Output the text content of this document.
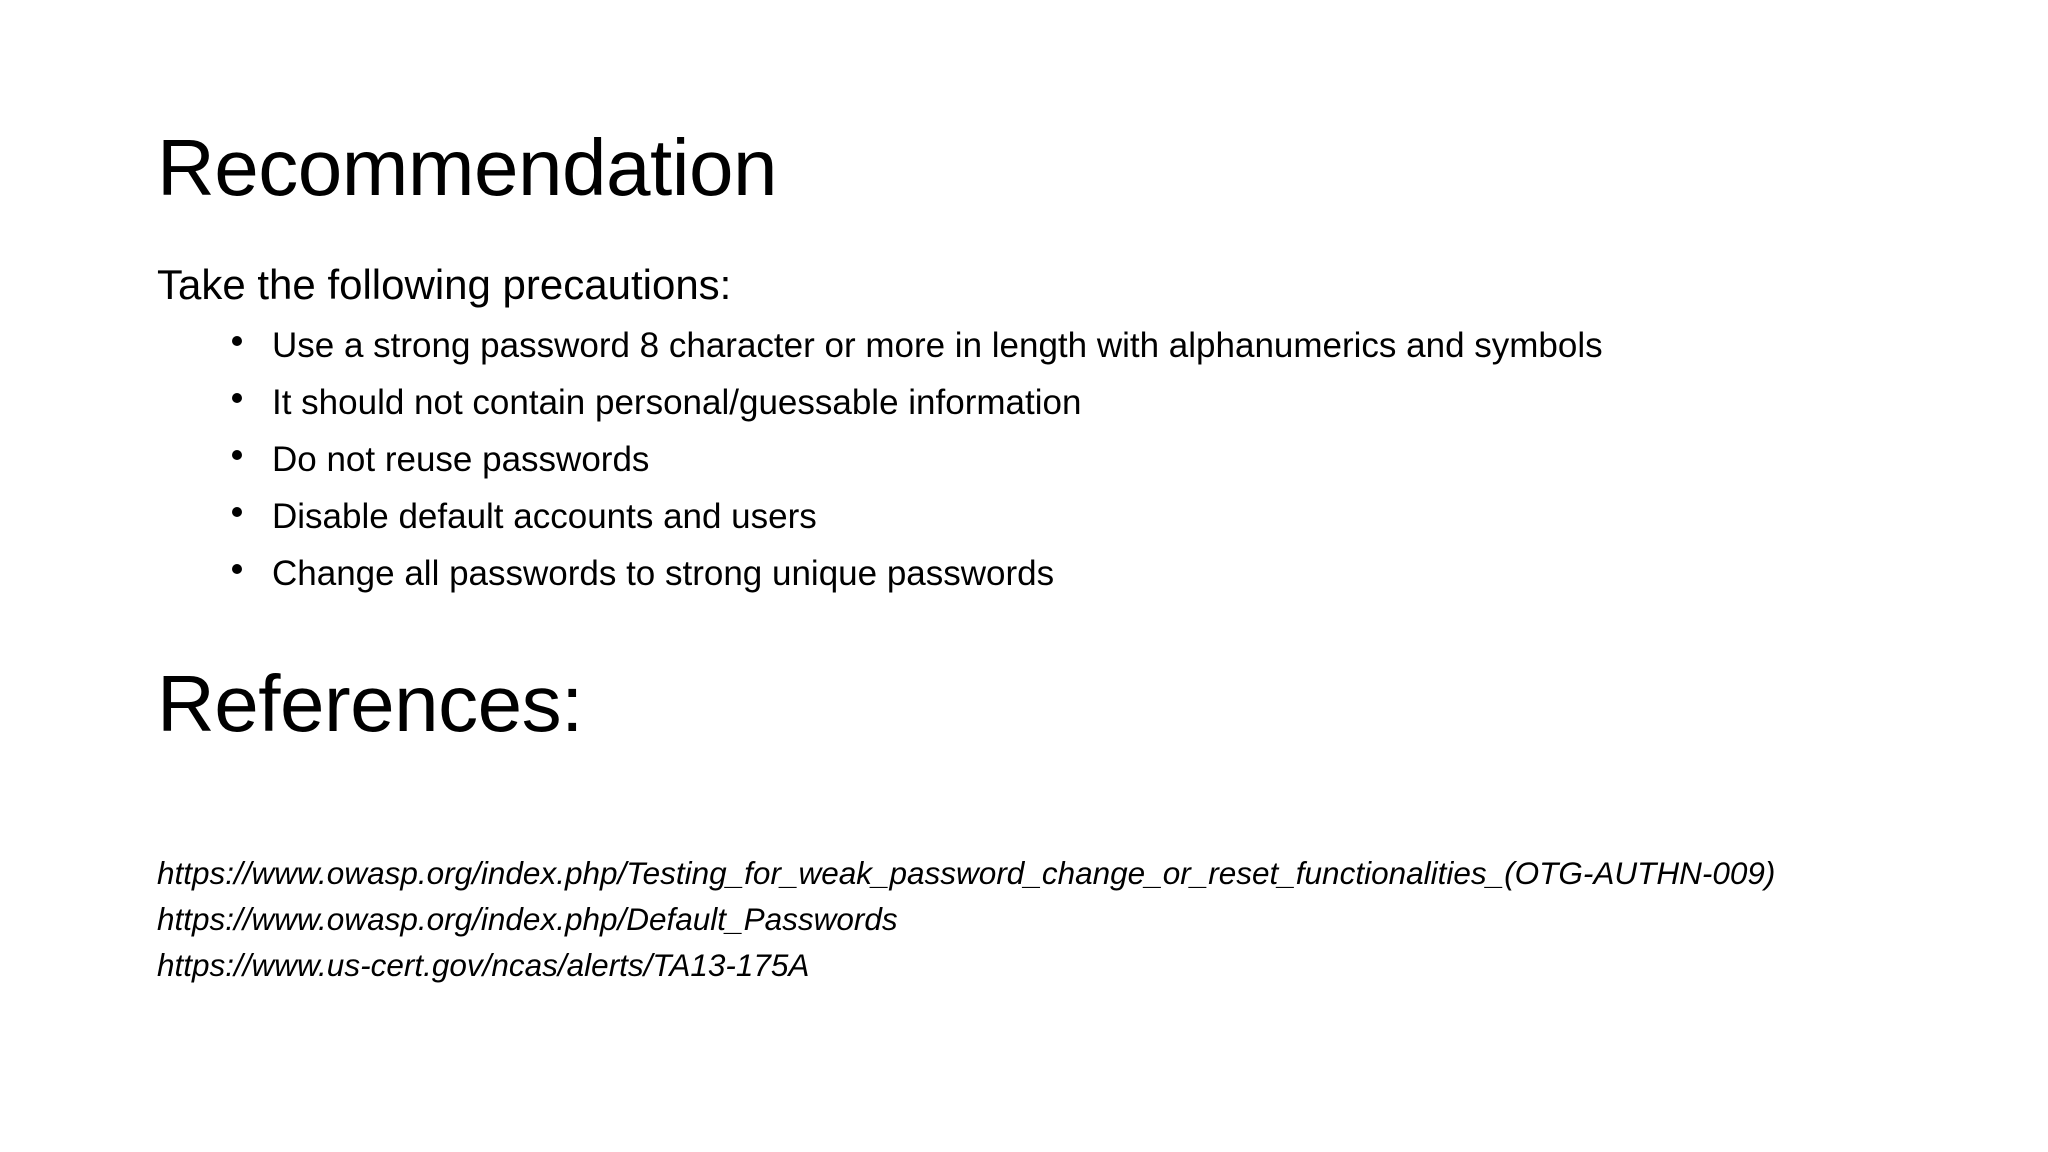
Recommendation
Take the following precautions:
Use a strong password 8 character or more in length with alphanumerics and symbols
It should not contain personal/guessable information
Do not reuse passwords
Disable default accounts and users
Change all passwords to strong unique passwords
References:
https://www.owasp.org/index.php/Testing_for_weak_password_change_or_reset_functionalities_(OTG-AUTHN-009)
https://www.owasp.org/index.php/Default_Passwords
https://www.us-cert.gov/ncas/alerts/TA13-175A
